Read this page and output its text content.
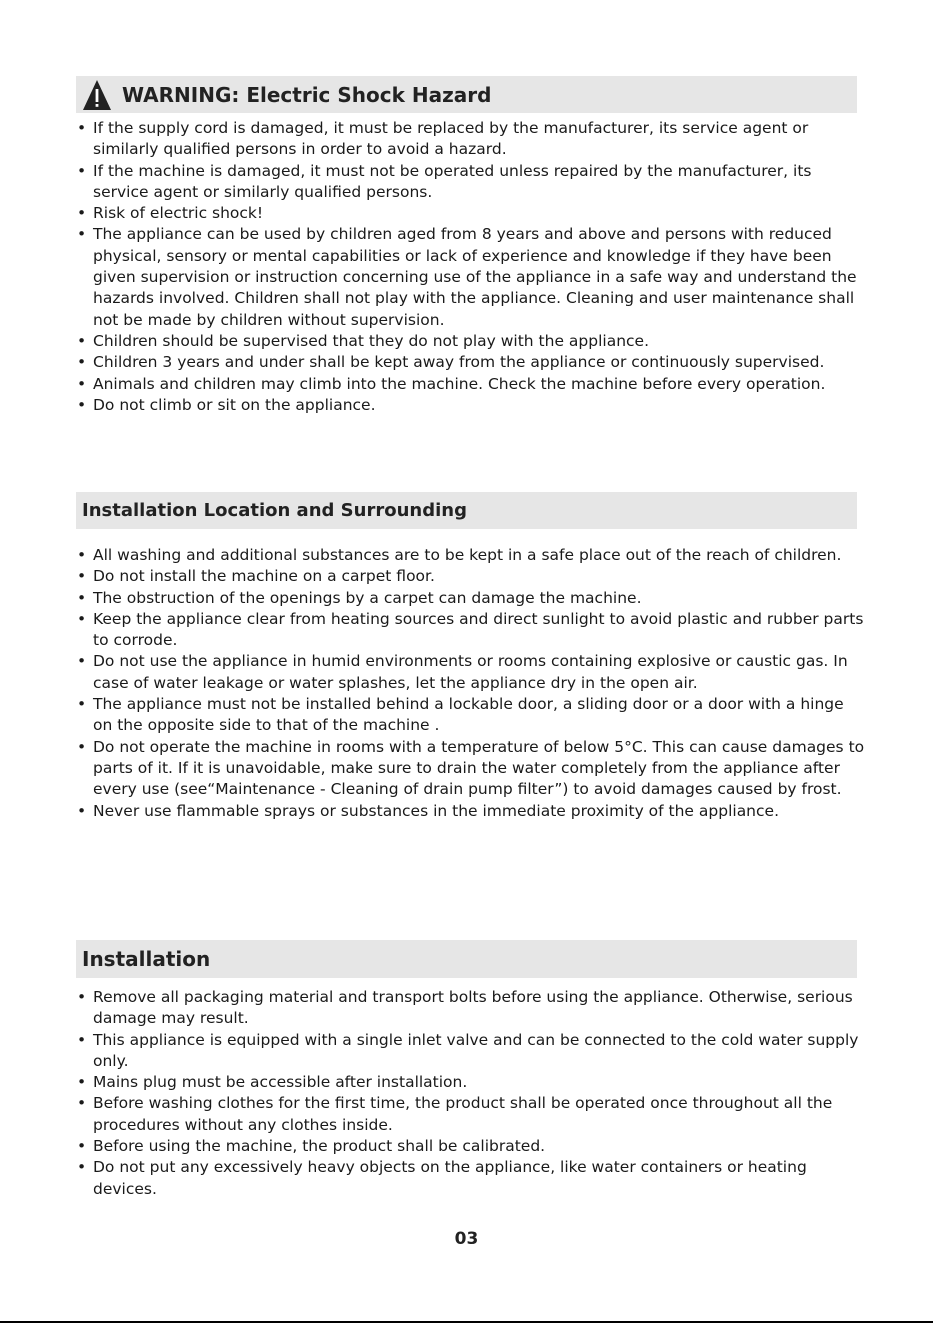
WARNING: Electric Shock Hazard
• If the supply cord is damaged, it must be replaced by the manufacturer, its service agent or similarly qualified persons in order to avoid a hazard.
• If the machine is damaged, it must not be operated unless repaired by the manufacturer, its service agent or similarly qualified persons.
• Risk of electric shock!
• The appliance can be used by children aged from 8 years and above and persons with reduced physical, sensory or mental capabilities or lack of experience and knowledge if they have been given supervision or instruction concerning use of the appliance in a safe way and understand the hazards involved. Children shall not play with the appliance. Cleaning and user maintenance shall not be made by children without supervision.
• Children should be supervised that they do not play with the appliance.
• Children 3 years and under shall be kept away from the appliance or continuously supervised.
• Animals and children may climb into the machine. Check the machine before every operation.
• Do not climb or sit on the appliance.
Installation Location and Surrounding
• All washing and additional substances are to be kept in a safe place out of the reach of children.
• Do not install the machine on a carpet floor.
• The obstruction of the openings by a carpet can damage the machine.
• Keep the appliance clear from heating sources and direct sunlight to avoid plastic and rubber parts to corrode.
• Do not use the appliance in humid environments or rooms containing explosive or caustic gas. In case of water leakage or water splashes, let the appliance dry in the open air.
• The appliance must not be installed behind a lockable door, a sliding door or a door with a hinge on the opposite side to that of the machine .
• Do not operate the machine in rooms with a temperature of below 5°C. This can cause damages to parts of it. If it is unavoidable, make sure to drain the water completely from the appliance after every use (see“Maintenance - Cleaning of drain pump filter”) to avoid damages caused by frost.
• Never use flammable sprays or substances in the immediate proximity of the appliance.
Installation
• Remove all packaging material and transport bolts before using the appliance. Otherwise, serious damage may result.
• This appliance is equipped with a single inlet valve and can be connected to the cold water supply only.
• Mains plug must be accessible after installation.
• Before washing clothes for the first time, the product shall be operated once throughout all the procedures without any clothes inside.
• Before using the machine, the product shall be calibrated.
• Do not put any excessively heavy objects on the appliance, like water containers or heating devices.
03
